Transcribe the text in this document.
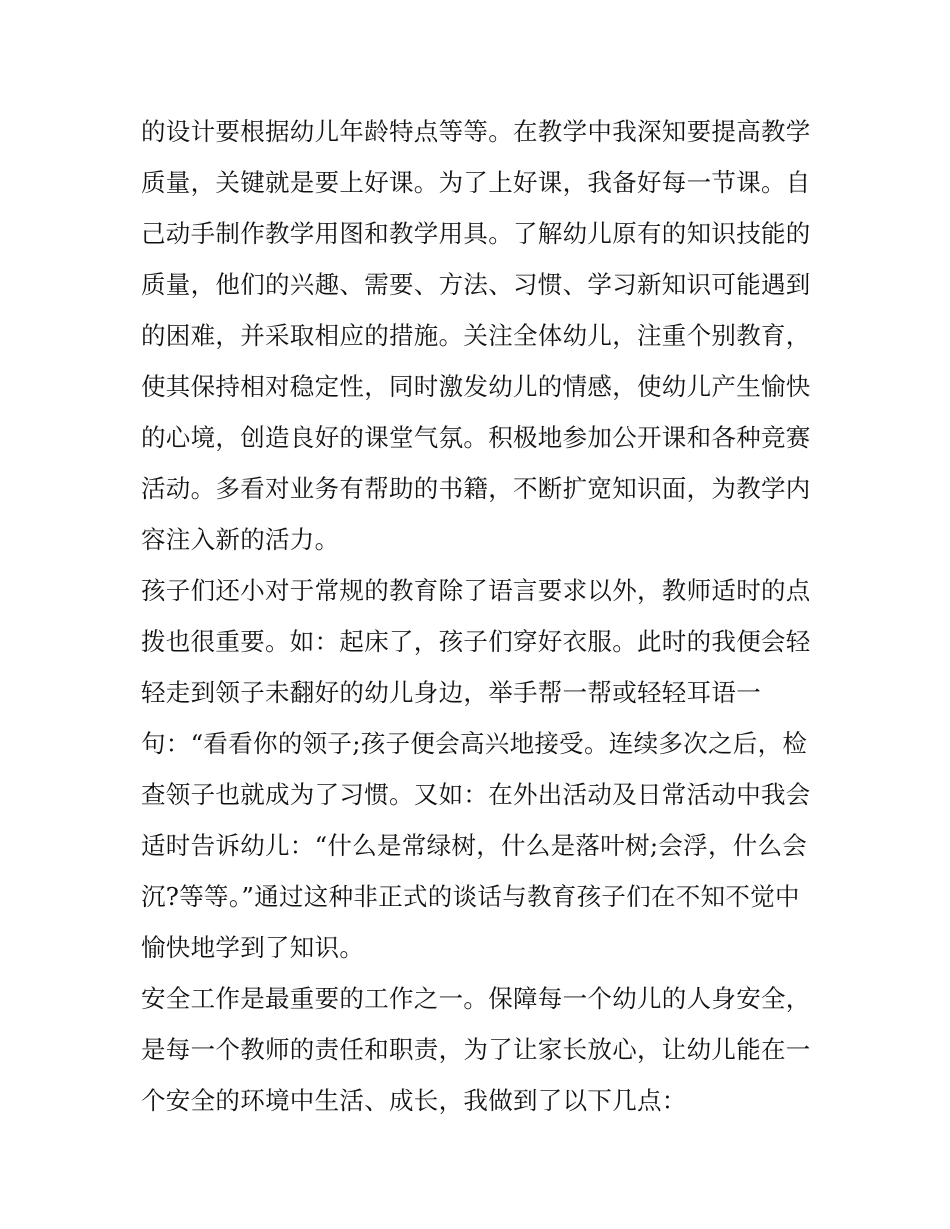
的设计要根据幼儿年龄特点等等。在教学中我深知要提高教学
质量，关键就是要上好课。为了上好课，我备好每一节课。自
己动手制作教学用图和教学用具。了解幼儿原有的知识技能的
质量，他们的兴趣、需要、方法、习惯、学习新知识可能遇到
的困难，并采取相应的措施。关注全体幼儿，注重个别教育，
使其保持相对稳定性，同时激发幼儿的情感，使幼儿产生愉快
的心境，创造良好的课堂气氛。积极地参加公开课和各种竞赛
活动。多看对业务有帮助的书籍，不断扩宽知识面，为教学内
容注入新的活力。
孩子们还小对于常规的教育除了语言要求以外，教师适时的点
拨也很重要。如：起床了，孩子们穿好衣服。此时的我便会轻
轻走到领子未翻好的幼儿身边，举手帮一帮或轻轻耳语一
句：“看看你的领子;孩子便会高兴地接受。连续多次之后，检
查领子也就成为了习惯。又如：在外出活动及日常活动中我会
适时告诉幼儿：“什么是常绿树，什么是落叶树;会浮，什么会
沉?等等。”通过这种非正式的谈话与教育孩子们在不知不觉中
愉快地学到了知识。
安全工作是最重要的工作之一。保障每一个幼儿的人身安全，
是每一个教师的责任和职责，为了让家长放心，让幼儿能在一
个安全的环境中生活、成长，我做到了以下几点：
